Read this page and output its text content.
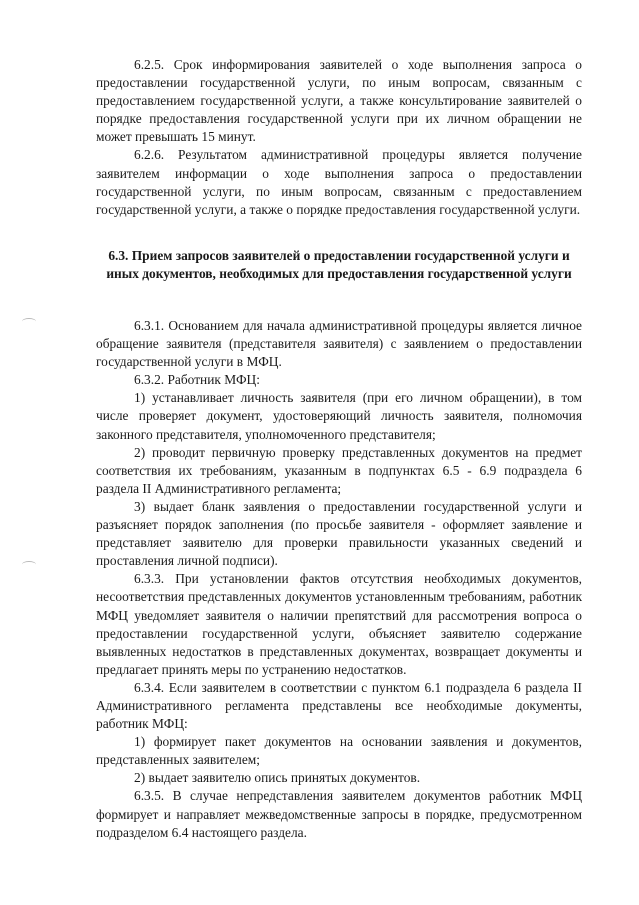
6.2.5. Срок информирования заявителей о ходе выполнения запроса о предоставлении государственной услуги, по иным вопросам, связанным с предоставлением государственной услуги, а также консультирование заявителей о порядке предоставления государственной услуги при их личном обращении не может превышать 15 минут.

6.2.6. Результатом административной процедуры является получение заявителем информации о ходе выполнения запроса о предоставлении государственной услуги, по иным вопросам, связанным с предоставлением государственной услуги, а также о порядке предоставления государственной услуги.

6.3. Прием запросов заявителей о предоставлении государственной услуги и иных документов, необходимых для предоставления государственной услуги

6.3.1. Основанием для начала административной процедуры является личное обращение заявителя (представителя заявителя) с заявлением о предоставлении государственной услуги в МФЦ.

6.3.2. Работник МФЦ:

1) устанавливает личность заявителя (при его личном обращении), в том числе проверяет документ, удостоверяющий личность заявителя, полномочия законного представителя, уполномоченного представителя;

2) проводит первичную проверку представленных документов на предмет соответствия их требованиям, указанным в подпунктах 6.5 - 6.9 подраздела 6 раздела II Административного регламента;

3) выдает бланк заявления о предоставлении государственной услуги и разъясняет порядок заполнения (по просьбе заявителя - оформляет заявление и представляет заявителю для проверки правильности указанных сведений и проставления личной подписи).

6.3.3. При установлении фактов отсутствия необходимых документов, несоответствия представленных документов установленным требованиям, работник МФЦ уведомляет заявителя о наличии препятствий для рассмотрения вопроса о предоставлении государственной услуги, объясняет заявителю содержание выявленных недостатков в представленных документах, возвращает документы и предлагает принять меры по устранению недостатков.

6.3.4. Если заявителем в соответствии с пунктом 6.1 подраздела 6 раздела II Административного регламента представлены все необходимые документы, работник МФЦ:

1) формирует пакет документов на основании заявления и документов, представленных заявителем;

2) выдает заявителю опись принятых документов.

6.3.5. В случае непредставления заявителем документов работник МФЦ формирует и направляет межведомственные запросы в порядке, предусмотренном подразделом 6.4 настоящего раздела.
